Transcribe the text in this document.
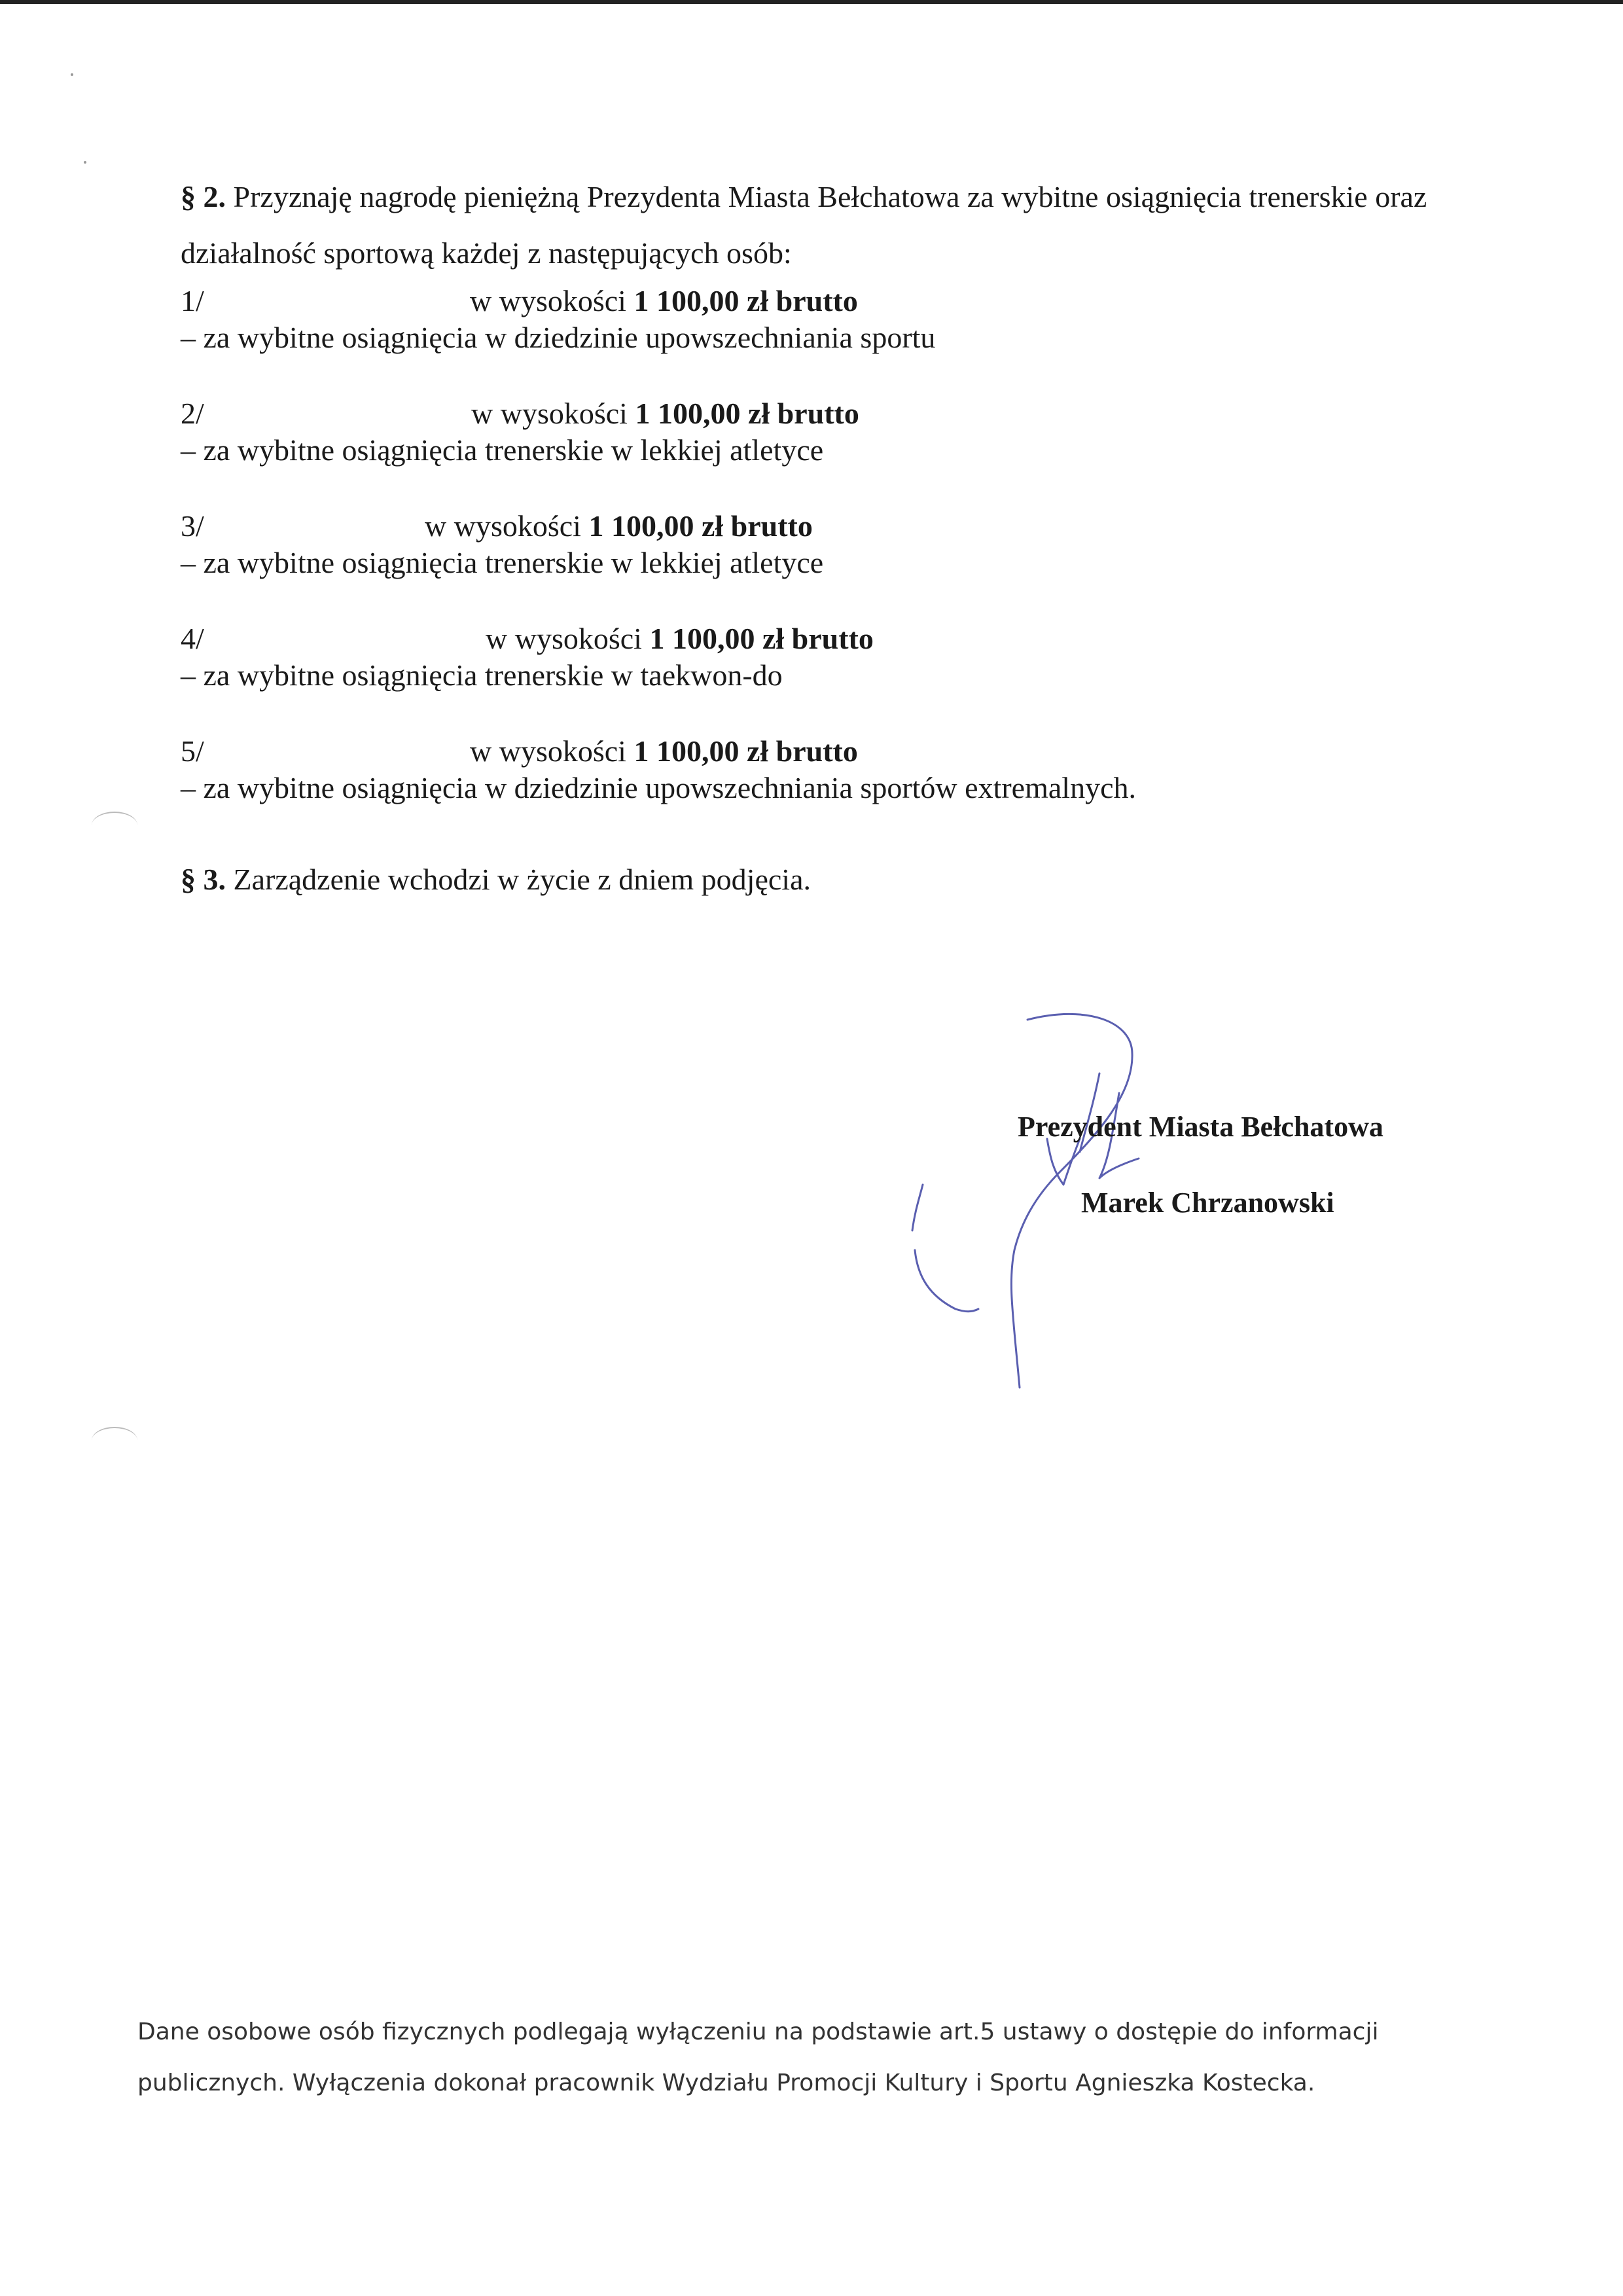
§ 2. Przyznaję nagrodę pieniężną Prezydenta Miasta Bełchatowa za wybitne osiągnięcia trenerskie oraz działalność sportową każdej z następujących osób:
1/	w wysokości 1 100,00 zł brutto
– za wybitne osiągnięcia w dziedzinie upowszechniania sportu
2/	w wysokości 1 100,00 zł brutto
– za wybitne osiągnięcia trenerskie w lekkiej atletyce
3/	w wysokości 1 100,00 zł brutto
– za wybitne osiągnięcia trenerskie w lekkiej atletyce
4/	w wysokości 1 100,00 zł brutto
– za wybitne osiągnięcia trenerskie w taekwon-do
5/	w wysokości 1 100,00 zł brutto
– za wybitne osiągnięcia w dziedzinie upowszechniania sportów extremalnych.
§ 3. Zarządzenie wchodzi w życie z dniem podjęcia.
Prezydent Miasta Bełchatowa
Marek Chrzanowski
Dane osobowe osób fizycznych podlegają wyłączeniu na podstawie art.5 ustawy o dostępie do informacji publicznych. Wyłączenia dokonał pracownik Wydziału Promocji Kultury i Sportu Agnieszka Kostecka.
